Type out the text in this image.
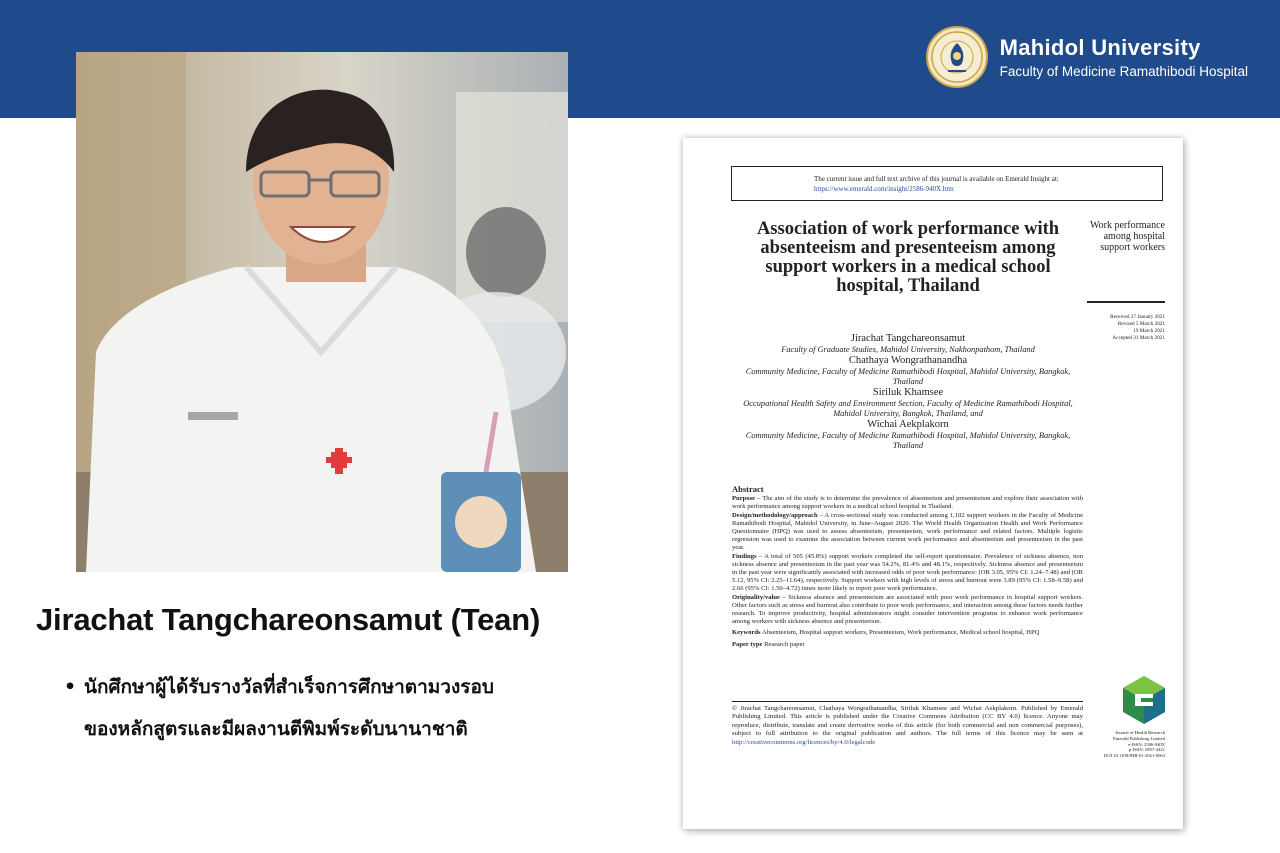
Mahidol University
Faculty of Medicine Ramathibodi Hospital
Jirachat Tangchareonsamut (Tean)
• นักศึกษาผู้ได้รับรางวัลที่สำเร็จการศึกษาตามวงรอบ
ของหลักสูตรและมีผลงานตีพิมพ์ระดับนานาชาติ
The current issue and full text archive of this journal is available on Emerald Insight at:
https://www.emerald.com/insight/2586-940X.htm
Association of work performance with absenteeism and presenteeism among support workers in a medical school hospital, Thailand
Work performance among hospital support workers
Received 27 January 2021
Revised 5 March 2021
19 March 2021
Accepted 31 March 2021
Jirachat Tangchareonsamut
Faculty of Graduate Studies, Mahidol University, Nakhonpathom, Thailand
Chathaya Wongrathanandha
Community Medicine, Faculty of Medicine Ramathibodi Hospital, Mahidol University, Bangkok, Thailand
Siriluk Khamsee
Occupational Health Safety and Environment Section, Faculty of Medicine Ramathibodi Hospital, Mahidol University, Bangkok, Thailand, and
Wichai Aekplakorn
Community Medicine, Faculty of Medicine Ramathibodi Hospital, Mahidol University, Bangkok, Thailand
Abstract

Purpose – The aim of the study is to determine the prevalence of absenteeism and presenteeism and explore their association with work performance among support workers in a medical school hospital in Thailand.

Design/methodology/approach – A cross-sectional study was conducted among 1,102 support workers in the Faculty of Medicine Ramathibodi Hospital, Mahidol University, in June–August 2020. The World Health Organization Health and Work Performance Questionnaire (HPQ) was used to assess absenteeism, presenteeism, work performance and related factors. Multiple logistic regression was used to examine the association between current work performance and absenteeism and presenteeism in the past year.

Findings – A total of 505 (45.8%) support workers completed the self-report questionnaire. Prevalence of sickness absence, non sickness absence and presenteeism in the past year was 54.2%, 81.4% and 48.1%, respectively. Sickness absence and presenteeism in the past year were significantly associated with increased odds of poor work performance: (OR 3.05, 95% CI: 1.24–7.48) and (OR 5.12, 95% CI: 2.25–11.64), respectively. Support workers with high levels of stress and burnout were 3.89 (95% CI: 1.58–9.58) and 2.66 (95% CI: 1.50–4.72) times more likely to report poor work performance.

Originality/value – Sickness absence and presenteeism are associated with poor work performance in hospital support workers. Other factors such as stress and burnout also contribute to poor work performance, and interaction among these factors needs further research. To improve productivity, hospital administrators might consider intervention programs to enhance work performance among workers with sickness absence and presenteeism.

Keywords Absenteeism, Hospital support workers, Presenteeism, Work performance, Medical school hospital, HPQ

Paper type Research paper

© Jirachat Tangchareonsamut, Chathaya Wongrathanandha, Siriluk Khamsee and Wichai Aekplakorn. Published by Emerald Publishing Limited. This article is published under the Creative Commons Attribution (CC BY 4.0) licence. Anyone may reproduce, distribute, translate and create derivative works of this article (for both commercial and non commercial purposes), subject to full attribution to the original publication and authors. The full terms of this licence may be seen at http://creativecommons.org/licences/by/4.0/legalcode
Journal of Health Research
Emerald Publishing Limited
e-ISSN: 2586-940X
p-ISSN: 0857-4421
DOI 10.1108/JHR-01-2021-0063
